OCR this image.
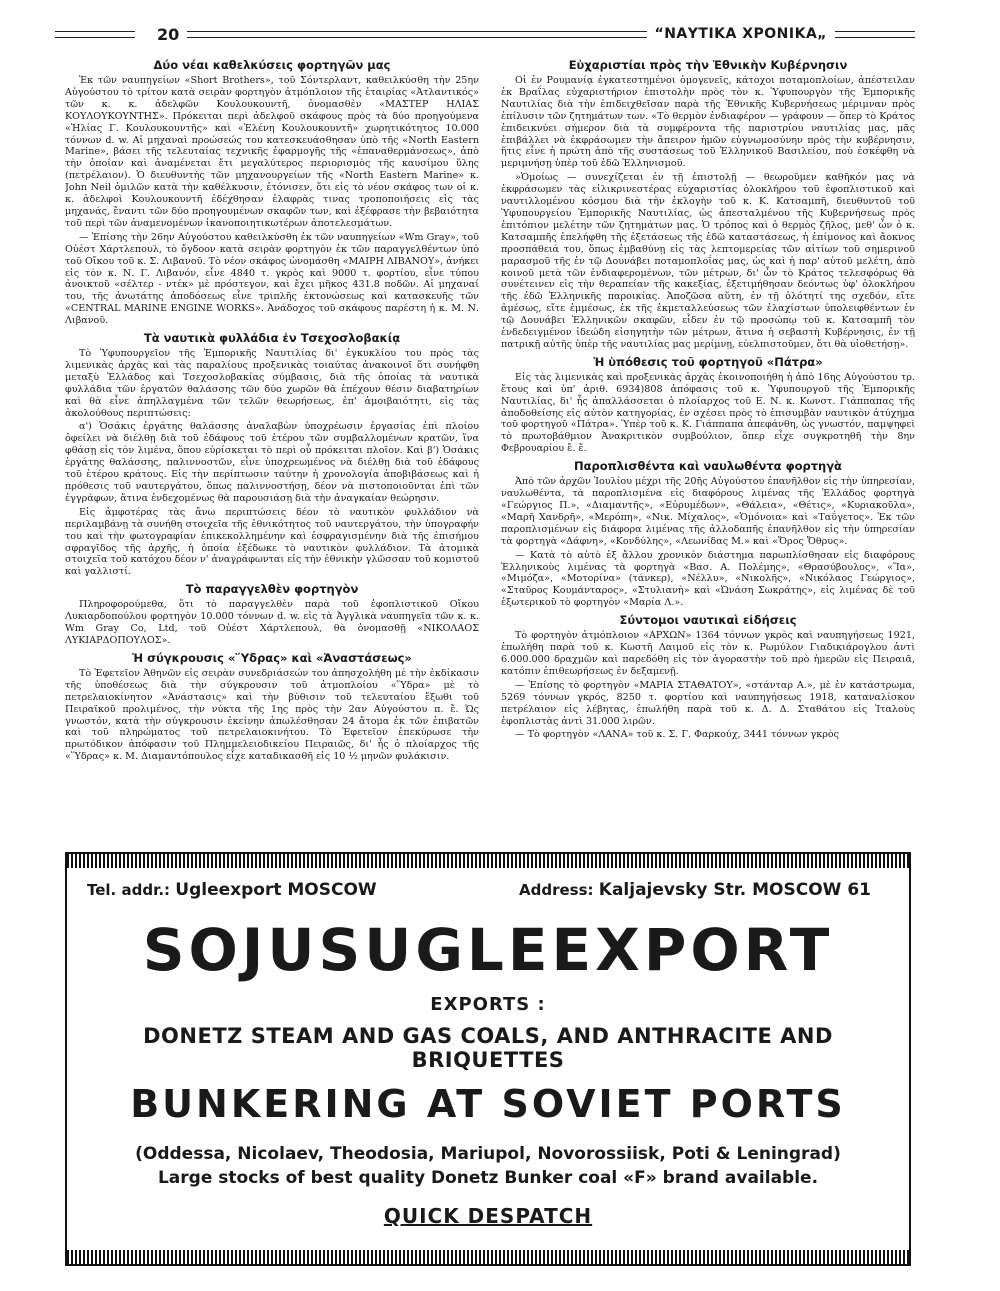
20	“ΝΑΥΤΙΚΑ ΧΡΟΝΙΚΑ„
Δύο νέαι καθελκύσεις φορτηγῶν μας

Ἐκ τῶν ναυπηγείων «Short Brothers», τοῦ Σόντερλαντ, καθειλκύσθη τὴν 25ην Αὐγούστου τὸ τρίτον κατὰ σειρὰν φορτηγὸν ἀτμόπλοιον τῆς ἑταιρίας «Ἀτλαντικός» τῶν κ. κ. ἀδελφῶν Κουλουκουντῆ, ὀνομασθὲν «ΜΑΣΤΕΡ ΗΛΙΑΣ ΚΟΥΛΟΥΚΟΥΝΤΗΣ». Πρόκειται περὶ ἀδελφοῦ σκάφους πρὸς τὰ δύο προηγούμενα «Ἠλίας Γ. Κουλουκουντῆς» καὶ «Ἑλένη Κουλουκουντῆ» χωρητικότητος 10.000 τόννων d. w. Αἱ μηχαναὶ προώσεώς του κατεσκευάσθησαν ὑπὸ τῆς «North Eastern Marine», βάσει τῆς τελευταίας τεχνικῆς ἐφαρμογῆς τῆς «ἐπαναθερμάνσεως», ἀπὸ τὴν ὁποίαν καὶ ἀναμένεται ἔτι μεγαλύτερος περιορισμὸς τῆς καυσίμου ὕλης (πετρέλαιον). Ὁ διευθυντὴς τῶν μηχανουργείων τῆς «North Eastern Marine» κ. John Neil ὁμιλῶν κατὰ τὴν καθέλκυσιν, ἐτόνισεν, ὅτι εἰς τὸ νέον σκάφος των οἱ κ. κ. ἀδελφοὶ Κουλουκουντῆ ἐδέχθησαν ἐλαφρὰς τινας τροποποιήσεις εἰς τὰς μηχανάς, ἔναντι τῶν δύο προηγουμένων σκαφῶν των, καὶ ἐξέφρασε τὴν βεβαιότητα τοῦ περὶ τῶν ἀναμενομένων ἱκανοποιητικωτέρων ἀποτελεσμάτων.

— Ἐπίσης τὴν 26ην Αὐγούστου καθειλκύσθη ἐκ τῶν ναυπηγείων «Wm Gray», τοῦ Οὐέστ Χάρτλεπουλ, τὸ ὄγδοον κατὰ σειρὰν φορτηγὸν ἐκ τῶν παραγγελθέντων ὑπὸ τοῦ Οἴκου τοῦ κ. Σ. Λιβανοῦ. Τὸ νέον σκάφος ὠνομάσθη «ΜΑΙΡΗ ΛΙΒΑΝΟΥ», ἀνήκει εἰς τὸν κ. Ν. Γ. Λιβανόν, εἶνε 4840 τ. γκρὸς καὶ 9000 τ. φορτίου, εἶνε τύπου ἀνοικτοῦ «σέλτερ - ντέκ» μὲ πρόστεγον, καὶ ἔχει μῆκος 431.8 ποδῶν. Αἱ μηχαναί του, τῆς ἀνωτάτης ἀποδόσεως εἶνε τριπλῆς ἐκτονώσεως καὶ κατασκευῆς τῶν «CENTRAL MARINE ENGINE WORKS». Ἀνάδοχος τοῦ σκάφους παρέστη ἡ κ. Μ. Ν. Λιβανοῦ.

Τὰ ναυτικὰ φυλλάδια ἐν Τσεχοσλοβακίᾳ

Τὸ Ὑφυπουργεῖον τῆς Ἐμπορικῆς Ναυτιλίας δι' ἐγκυκλίου του πρὸς τὰς λιμενικὰς ἀρχὰς καὶ τὰς παραλίους προξενικὰς τοιαύτας ἀνακοινοῖ ὅτι συνήφθη μεταξὺ Ἑλλάδος καὶ Τσεχοσλοβακίας σύμβασις, διὰ τῆς ὁποίας τὰ ναυτικὰ φυλλάδια τῶν ἐργατῶν θαλάσσης τῶν δύο χωρῶν θὰ ἐπέχουν θέσιν διαβατηρίων καὶ θὰ εἶνε ἀπηλλαγμένα τῶν τελῶν θεωρήσεως, ἐπ' ἀμοιβαιότητι, εἰς τὰς ἀκολούθους περιπτώσεις:

α') Ὁσάκις ἐργάτης θαλάσσης ἀναλαβὼν ὑποχρέωσιν ἐργασίας ἐπὶ πλοίου ὀφείλει νὰ διέλθῃ διὰ τοῦ ἐδάφους τοῦ ἑτέρου τῶν συμβαλλομένων κρατῶν, ἵνα φθάσῃ εἰς τὸν λιμένα, ὅπου εὑρίσκεται τὸ περὶ οὗ πρόκειται πλοῖον. Καὶ β') Ὁσάκις ἐργάτης θαλάσσης, παλιννοστῶν, εἶνε ὑποχρεωμένος νὰ διέλθῃ διὰ τοῦ ἐδάφους τοῦ ἑτέρου κράτους. Εἰς τὴν περίπτωσιν ταύτην ἡ χρονολογία ἀποβιβάσεως καὶ ἡ πρόθεσις τοῦ ναυτεργάτου, ὅπως παλιννοστήσῃ, δέον νὰ πιστοποιοῦνται ἐπὶ τῶν ἐγγράφων, ἅτινα ἐνδεχομένως θὰ παρουσιάσῃ διὰ τὴν ἀναγκαίαν θεώρησιν.

Εἰς ἀμφοτέρας τὰς ἄνω περιπτώσεις δέον τὸ ναυτικὸν φυλλάδιον νὰ περιλαμβάνῃ τὰ συνήθη στοιχεῖα τῆς ἐθνικότητος τοῦ ναυτεργάτου, τὴν ὑπογραφήν του καὶ τὴν φωτογραφίαν ἐπικεκολλημένην καὶ ἐσφραγισμένην διὰ τῆς ἐπισήμου σφραγῖδος τῆς ἀρχῆς, ἡ ὁποία ἐξέδωκε τὸ ναυτικὸν φυλλάδιον. Τὰ ἀτομικὰ στοιχεῖα τοῦ κατόχου δέον ν' ἀναγράφωνται εἰς τὴν ἐθνικὴν γλῶσσαν τοῦ κομιστοῦ καὶ γαλλιστί.

Τὸ παραγγελθὲν φορτηγὸν

Πληροφορούμεθα, ὅτι τὸ παραγγελθὲν παρὰ τοῦ ἐφοπλιστικοῦ Οἴκου Λυκιαρδοπούλου φορτηγὸν 10.000 τόννων d. w. εἰς τὰ Ἀγγλικὰ ναυπηγεῖα τῶν κ. κ. Wm Gray Co, Ltd, τοῦ Οὐέστ Χάρτλεπουλ, θὰ ὀνομασθῇ «ΝΙΚΟΛΑΟΣ ΛΥΚΙΑΡΔΟΠΟΥΛΟΣ».

Ἡ σύγκρουσις «Ὕδρας» καὶ «Ἀναστάσεως»

Τὸ Ἐφετεῖον Ἀθηνῶν εἰς σειρὰν συνεδριάσεών του ἀπησχολήθη μὲ τὴν ἐκδίκασιν τῆς ὑποθέσεως διὰ τὴν σύγκρουσιν τοῦ ἀτμοπλοίου «Ὕδρα» μὲ τὸ πετρελαιοκίνητον «Ἀνάστασις» καὶ τὴν βύθισιν τοῦ τελευταίου ἔξωθι τοῦ Πειραϊκοῦ προλιμένος, τὴν νύκτα τῆς 1ης πρὸς τὴν 2αν Αὐγούστου π. ἔ. Ὡς γνωστόν, κατὰ τὴν σύγκρουσιν ἐκείνην ἀπωλέσθησαν 24 ἄτομα ἐκ τῶν ἐπιβατῶν καὶ τοῦ πληρώματος τοῦ πετρελαιοκινήτου. Τὸ Ἐφετεῖον ἐπεκύρωσε τὴν πρωτόδικον ἀπόφασιν τοῦ Πλημμελειοδικείου Πειραιῶς, δι' ἧς ὁ πλοίαρχος τῆς «Ὕδρας» κ. Μ. Διαμαντόπουλος εἶχε καταδικασθῆ εἰς 10 ½ μηνῶν φυλάκισιν.

Εὐχαριστίαι πρὸς τὴν Ἐθνικὴν Κυβέρνησιν

Οἱ ἐν Ρουμανίᾳ ἐγκατεστημένοι ὁμογενεῖς, κάτοχοι ποταμοπλοίων, ἀπέστειλαν ἐκ Βραΐλας εὐχαριστήριον ἐπιστολὴν πρὸς τὸν κ. Ὑφυπουργὸν τῆς Ἐμπορικῆς Ναυτιλίας διὰ τὴν ἐπιδειχθεῖσαν παρὰ τῆς Ἐθνικῆς Κυβερνήσεως μέριμναν πρὸς ἐπίλυσιν τῶν ζητημάτων των. «Τὸ θερμὸν ἐνδιαφέρον — γράφουν — ὅπερ τὸ Κράτος ἐπιδεικνύει σήμερον διὰ τὰ συμφέροντα τῆς παριστρίου ναυτιλίας μας, μᾶς ἐπιβάλλει νὰ ἐκφράσωμεν τὴν ἄπειρον ἡμῶν εὐγνωμοσύνην πρὸς τὴν κυβέρνησιν, ἥτις εἶνε ἡ πρώτη ἀπὸ τῆς συστάσεως τοῦ Ἑλληνικοῦ Βασιλείου, ποὺ ἐσκέφθη νὰ μεριμνήσῃ ὑπὲρ τοῦ ἐδῶ Ἑλληνισμοῦ.

»Ὁμοίως — συνεχίζεται ἐν τῇ ἐπιστολῇ — θεωροῦμεν καθῆκόν μας νὰ ἐκφράσωμεν τὰς εἰλικρινεστέρας εὐχαριστίας ὁλοκλήρου τοῦ ἐφοπλιστικοῦ καὶ ναυτιλλομένου κόσμου διὰ τὴν ἐκλογὴν τοῦ κ. Κ. Κατσαμπῆ, διευθυντοῦ τοῦ Ὑφυπουργείου Ἐμπορικῆς Ναυτιλίας, ὡς ἀπεσταλμένου τῆς Κυβερνήσεως πρὸς ἐπιτόπιον μελέτην τῶν ζητημάτων μας. Ὁ τρόπος καὶ ὁ θερμὸς ζῆλος, μεθ' ὧν ὁ κ. Κατσαμπῆς ἐπελήφθη τῆς ἐξετάσεως τῆς ἐδῶ καταστάσεως, ἡ ἐπίμονος καὶ ἄοκνος προσπάθειά του, ὅπως ἐμβαθύνῃ εἰς τὰς λεπτομερείας τῶν αἰτίων τοῦ σημερινοῦ μαρασμοῦ τῆς ἐν τῷ Δουνάβει ποταμοπλοΐας μας, ὡς καὶ ἡ παρ' αὐτοῦ μελέτη, ἀπὸ κοινοῦ μετὰ τῶν ἐνδιαφερομένων, τῶν μέτρων, δι' ὧν τὸ Κράτος τελεσφόρως θὰ συνέτεινεν εἰς τὴν θεραπείαν τῆς κακεξίας, ἐξετιμήθησαν δεόντως ὑφ' ὁλοκλήρου τῆς ἐδῶ Ἑλληνικῆς παροικίας. Ἀποζῶσα αὕτη, ἐν τῇ ὁλότητί της σχεδόν, εἴτε ἀμέσως, εἴτε ἐμμέσως, ἐκ τῆς ἐκμεταλλεύσεως τῶν ἐλαχίστων ὑπολειφθέντων ἐν τῷ Δουνάβει Ἑλληνικῶν σκαφῶν, εἶδεν ἐν τῷ προσώπῳ τοῦ κ. Κατσαμπῆ τὸν ἐνδεδειγμένον ἰδεώδη εἰσηγητὴν τῶν μέτρων, ἅτινα ἡ σεβαστὴ Κυβέρνησις, ἐν τῇ πατρικῇ αὐτῆς ὑπὲρ τῆς ναυτιλίας μας μερίμνῃ, εὐελπιστοῦμεν, ὅτι θὰ υἱοθετήσῃ».

Ἡ ὑπόθεσις τοῦ φορτηγοῦ «Πάτρα»

Εἰς τὰς λιμενικὰς καὶ προξενικὰς ἀρχὰς ἐκοινοποιήθη ἡ ἀπὸ 16ης Αὐγούστου τρ. ἔτους καὶ ὑπ' ἀριθ. 6934)808 ἀπόφασις τοῦ κ. Ὑφυπουργοῦ τῆς Ἐμπορικῆς Ναυτιλίας, δι' ἧς ἀπαλλάσσεται ὁ πλοίαρχος τοῦ Ε. Ν. κ. Κωνστ. Γιάππαπας τῆς ἀποδοθείσης εἰς αὐτὸν κατηγορίας, ἐν σχέσει πρὸς τὸ ἐπισυμβὰν ναυτικὸν ἀτύχημα τοῦ φορτηγοῦ «Πάτρα». Ὑπὲρ τοῦ κ. Κ. Γιάππαπα ἀπεφάνθη, ὡς γνωστόν, παμψηφεὶ τὸ πρωτοβάθμιον Ἀνακριτικὸν συμβούλιον, ὅπερ εἶχε συγκροτηθῆ τὴν 8ην Φεβρουαρίου ἔ. ἔ.

Παροπλισθέντα καὶ ναυλωθέντα φορτηγὰ

Ἀπὸ τῶν ἀρχῶν Ἰουλίου μέχρι τῆς 20ῆς Αὐγούστου ἐπανῆλθον εἰς τὴν ὑπηρεσίαν, ναυλωθέντα, τὰ παροπλισμένα εἰς διαφόρους λιμένας τῆς Ἑλλάδος φορτηγὰ «Γεώργιος Π.», «Διαμαντῆς», «Εὐρυμέδων», «Θάλεια», «Θέτις», «Κυριακοῦλα», «Μαρῆ Χανδρῆ», «Μερόπη», «Νικ. Μίχαλος», «Ὁμόνοια» καὶ «Ταΰγετος». Ἐκ τῶν παροπλισμένων εἰς διάφορα λιμένας τῆς ἀλλοδαπῆς ἐπανῆλθον εἰς τὴν ὑπηρεσίαν τὰ φορτηγὰ «Δάφνη», «Κονδύλης», «Λεωνίδας Μ.» καὶ «Ὄρος Ὄθρυς».

— Κατὰ τὸ αὐτὸ ἐξ ἄλλου χρονικὸν διάστημα παρωπλίσθησαν εἰς διαφόρους Ἑλληνικοὺς λιμένας τὰ φορτηγὰ «Βασ. Α. Πολέμης», «Θρασύβουλος», «Ἴα», «Μιμόζα», «Μοτορίνα» (τάνκερ), «Νέλλυ», «Νικολῆς», «Νικόλαος Γεώργιος», «Σταῦρος Κουμάνταρος», «Στυλιανὴ» καὶ «Ὠνάση Σωκράτης», εἰς λιμένας δὲ τοῦ ἐξωτερικοῦ τὸ φορτηγὸν «Μαρία Λ.».

Σύντομοι ναυτικαὶ εἰδήσεις

Τὸ φορτηγὸν ἀτμόπλοιον «ΑΡΧΩΝ» 1364 τόννων γκρὸς καὶ ναυπηγήσεως 1921, ἐπωλήθη παρὰ τοῦ κ. Κωστῆ Λαιμοῦ εἰς τὸν κ. Ρωμύλον Γιαδικιάρογλου ἀντὶ 6.000.000 δραχμῶν καὶ παρεδόθη εἰς τὸν ἀγοραστὴν τοῦ πρὸ ἡμερῶν εἰς Πειραιᾶ, κατόπιν ἐπιθεωρήσεως ἐν δεξαμενῇ.

— Ἐπίσης τὸ φορτηγὸν «ΜΑΡΙΑ ΣΤΑΘΑΤΟΥ», «στάνταρ Α.», μὲ ἐν κατάστρωμα, 5269 τόννων γκρός, 8250 τ. φορτίου καὶ ναυπηγήσεως 1918, καταναλίσκον πετρέλαιον εἰς λέβητας, ἐπωλήθη παρὰ τοῦ κ. Δ. Δ. Σταθάτου εἰς Ἰταλοὺς ἐφοπλιστὰς ἀντὶ 31.000 λιρῶν.

— Τὸ φορτηγὸν «ΛΑΝΑ» τοῦ κ. Σ. Γ. Φαρκούχ, 3441 τόννων γκρὸς

Tel. addr.: Ugleexport MOSCOW	Address: Kaljajevsky Str. MOSCOW 61
SOJUSUGLEEXPORT
EXPORTS :
DONETZ STEAM AND GAS COALS, AND ANTHRACITE AND BRIQUETTES
BUNKERING AT SOVIET PORTS
(Oddessa, Nicolaev, Theodosia, Mariupol, Novorossiisk, Poti & Leningrad)
Large stocks of best quality Donetz Bunker coal «F» brand available.
QUICK DESPATCH
